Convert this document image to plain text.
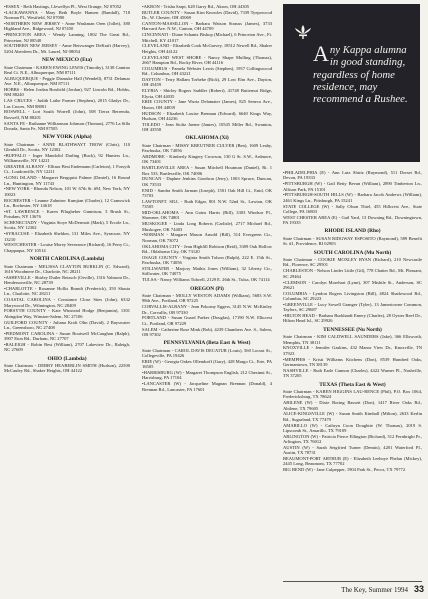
•ESSEX - Beth Hastings, Llewellyn Pl., West Orange, NJ 07052

•LACKAWANNA - Mary Beth Boyle Hansen (Randall), 718 Norman Pl., Westfield, NJ 07090

•NORTHERN NEW JERSEY - Anne Waskman Oren (Jollet), 380 Highland Ave., Ridgewood, NJ 07450

•PRINCETON AREA - Wendy Lanning, 1002 The Great Rd., Princeton, NJ 08540

SOUTHERN NEW JERSEY - Anne Beiswanger DeKraft (Harvey), 5204 Aberdeen Dr., Mt. Laurel, NJ 08054

NEW MEXICO (Eta)

State Chairman - KAREN EWING LEWIS (Timothy), 3138 Camino Real Ct. N.E., Albuquerque, NM 87111

ALBUQUERQUE - Peggie Dismuke Hall (Wendell), 8731 Delamar Ave. N.E., Albuquerque, NM 87111

HOBBS - Helen Jordan Bonfield (Jordan), 927 Lincoln Rd., Hobbs, NM 88240

LAS CRUCES - Judith Lathe Farmer (Stephen), 2015 Gladys Dr., Las Cruces, NM 88001

ROSWELL - Lori South Worrell (John), 508 Tierra Berrenda, Roswell, NM 88201

SANTA FE - Ruthanne Williamson Johnson (Thomas), 2776 La Silla Dorada, Santa Fe, NM 87505

NEW YORK (Alpha)

State Chairman - ANNE BLATHWAYT TROW (Chris), 110 Glenhill Dr., Scotia, NY 12302

•BUFFALO - Inger Mandolid Darling (Buck), 92 Hunters Ln., Williamsville, NY 14221

GREATER ALBANY - Ellinor Best Endemann (Carleton), 1 Forsyth Ct., Loudonville, NY 12211

•LONG ISLAND - Margaret Bergquist Palmer (Daniel), 16 Round Ln., Huntington, NY 11743

•NEW YORK - Rhonda Nelson, 101 W. 67th St. #9J, New York, NY 10023

ROCHESTER - Leanne Zahniser Kumjian (Charles), 12 Cranswick Ln., Rochester, NY 14618

•ST. LAWRENCE - Karen Pflugheber Gunnison, 3 Brush St., Potsdam, NY 13676

SCHENECTADY - Virginia Stoye McDermott (Mark), 5 Ercole Ln., Scotia, NY 12302

•SYRACUSE - Elizabeth Sheldon, 131 Miles Ave., Syracuse, NY 13210

WESTCHESTER - Louise Morey Severance (Richard), 16 Perry Ct., Chappaqua, NY 10514

NORTH CAROLINA (Lambda)

State Chairman - MELISSA CLAYTON BURKLIN (C. Edward), 1616 Woodmere Dr., Charlotte, NC 28211

•ASHEVILLE - Shirley Dutler Retzsch (Orville), 1316 Valmont Dr., Hendersonville, NC 28739

•CHARLOTTE - Roxanne Hollis Brandt (Frederick), 350 Shasta Ln., Charlotte, NC 28211

COASTAL CAROLINA - Constance Close Sites (John), 6332 Marywood Dr., Wilmington, NC 28409

FORSYTH COUNTY - Kate Winstead Hodge (Benjamin), 1301 Abingdon Way, Winston-Salem, NC 27106

GUILFORD COUNTY - Juliana Kraft Olin (David), 2 Bayswater Ln., Greensboro, NC 27408

•PIEDMONT CAROLINA - Susan Boutwell McCaughan (Ralph), 3907 Eton Rd., Durham, NC 27707

•RALEIGH - Robin Best (William), 2707 Lakeview Dr., Raleigh, NC 27609

OHIO (Lambda)

State Chairman - DEBBY HEABERLIN SMITH (Hudson), 22500 McCauley Rd., Shaker Heights, OH 44122

•AKRON - Trisha Sarpi, 628 Garry Rd., Akron, OH 44305

BUTLER COUNTY - Susan Kirn Knowles (David), 7339 Tyepowood Dr., W. Chester, OH 45069

CANTON-MASSILLON - Barbara Watson Strauss (James), 3733 Harvard Ave. N.W., Canton, OH 44709

CINCINNATI - Diane Schantz Bishop (Michael), 6 Princeton Ave., Ft. Mitchell, KY 41017

CLEVELAND - Elizabeth Cook McGarvey, 18512 Newell Rd., Shaker Heights, OH 44122

CLEVELAND WEST SHORE - Nancy Shape Mulling (Thomas), 2667 Hampton Rd., Rocky River, OH 44116

COLUMBUS - Pamela Webster Lewis (Stephen), 1957 Collingswood Rd., Columbus, OH 43221

DAYTON - Terry Hallam Torbeke (Rick), 29 Low Elm Ave., Dayton, OH 45459

ELYRIA - Shirley Rogers Saddler (Robert), 41748 Butternut Ridge, Elyria, OH 44035

ERIE COUNTY - Jane Wurtz Delamater (James), 825 Seneca Ave., Huron, OH 44839

HUDSON - Elizabeth Louise Brennan (Edward), 6640 Kings Way, Hudson, OH 44236

TOLEDO - Jean Stoltz Jaeme (James), 10545 Miller Rd., Swanton, OH 43558

OKLAHOMA (Xi)

State Chairman - MISSY KREUTNER CULVER (Ben), 1609 Leahy, Pawhuska, OK 74056

ARDMORE - Kimberly Kingery Crowson, 130 G St. S.W., Ardmore, OK 73401

BARTLESVILLE AREA - Susan Mitchell Houtman (Daniel), Rt. 1 Box 533, Bartlesville, OK 74006

DUNCAN - Daphne Jenkins Goodson (Jerry), 1003 Spruce, Duncan, OK 73533

ENID - Sandra Smith Jarman (Joseph), 1501 Oak Hill Ct., Enid, OK 73703

LAWTONFT. SILL - Ruth Edgar, 801 N.W. 52nd St., Lawton, OK 73505

MID-OKLAHOMA - Ann Goins Harris (Bill), 3303 Windsor Pl., Shawnee, OK 74801

MUSKOGEE - Linda Long Roberts (Carlisle), 2717 Michael Rd., Muskogee, OK 74403

•NORMAN - Margaret Mason Arnold (Bill), 514 Evergreen Cir., Norman, OK 73072

OKLAHOMA CITY - Jean Highfill Robison (Reid), 3309 Oak Hollow Rd., Oklahoma City, OK 73120

OSAGE COUNTY - Virginia Smith Tolson (Ralph), 222 E. 15th St., Pawhuska, OK 74056

STILLWATER - Marjory Mathis Jones (William), 32 Liberty Cir., Stillwater, OK 74075

TULSA - Nancy Williams Tidwell, 2129 E. 26th St., Tulsa, OK 74114

OREGON (Pi)

State Chairman - MOLLY WESTON ADAMS (William), 5683 S.W. 98th Ave., Portland, OR 97225

CORVALLIS-ALBANY - Jean Pokorny Eggers, 3145 N.W. McKinley Dr., Corvallis, OR 97330

PORTLAND - Susan Guard Parker (Douglas), 17190 N.W. Elkcrest Ct., Portland, OR 97229

SALEM - Catherine Rose Mink (Bob), 4239 Chambers Ave. S., Salem, OR 97302

PENNSYLVANIA (Beta East & West)

State Chairman - CAROL DAVIS DECATUR (Louis), 560 Locust St., Collegeville, PA 19426

ERIE (W) - Georgia Oakes Ollendorff (Gary), 428 Margo Ct., Erie, PA 16505

•HARRISBURG (W) - Margaret Thompson English, 212 Chestnut St., Harrisburg, PA 17104

•LANCASTER (W) - Jacqueline Magnan Brennan (Donald), 4 Brennan Rd., Lancaster, PA 17601

Any Kappa alumna in good standing, regardless of home residence, may recommend a Rushee.

•PHILADELPHIA (E) - Ann Lutz Shirtz (Raymond), 511 Dorset Rd., Devon, PA 19333

•PITTSBURGH (W) - Gail Betty Bevan (William), 2890 Timberton Ln., Allison Park, PA 15101

•PITTSBURGH-SOUTH HILLS (W) - Barbara Jacob Andrews (William), 2461 Kings Ln., Pittsburgh, PA 15241

STATE COLLEGE (W) - Sally Olson Thiel, 455 Hillcrest Ave., State College, PA 16803

WEST CHESTER AREA (E) - Gail Yard, 13 Downing Rd., Downingtown, PA 19335

RHODE ISLAND (Rho)

State Chairman - SUSAN RIDGWAY ESPOSITO (Raymond), 589 Benefit St. #1, Providence, RI 02903

SOUTH CAROLINA (Mu North)

State Chairman - COOKIE MOXLEY RYAN (Richard), 210 Newcastle Rd., Florence, SC 29501

CHARLESTON - Nelson Linder Little (Gil), 778 Chatter Rd., Mt. Pleasant, SC 29464

•CLEMSON - Carolyn Morehart (Lynn), 307 Mishtle St., Anderson, SC 29621

COLUMBIA - Lyndon Rogers Livingston (Bill), 4824 Shadowood Rd., Columbia, SC 29223

•GREENVILLE - Lucy Sowell Granger (Tyler), 13 Jamestowne Common, Taylors, SC 29687

•HILTON HEAD - Barbara Burkhardt Emery (Charles), 28 Oyster Reef Dr., Hilton Head Isl., SC 29926

TENNESSEE (Nu North)

State Chairman - KIM CALDWELL SAUNDERS (Jake), 366 Ellsworth, Memphis, TN 38111

KNOXVILLE - Jennifer Gaskins, 432 Manor View Dr., Knoxville, TN 37923

•MEMPHIS - Kristi Williams Kitchens (Don), 8539 Hundred Oaks, Germantown, TN 38139

NASHVILLE - Ruth Earle Cannon (Charles), 4422 Warner Pl., Nashville, TN 37205

TEXAS (Theta East & West)

State Chairman - KAREN HIGGINS LAU-RENCE (Phil), P.O. Box 1064, Fredericksburg, TX 78624

ABILENE (W) - Dixie Boring Bassett (Don), 1417 River Oaks Rd., Abilene, TX 79605

ALICE-KINGSVILLE (W) - Susan Smith Kimball (Milton), 2633 Kerlin Rd., Sugarland, TX 77479

AMARILLO (W) - Cathryn Coon Doughtie (W. Thomas), 2019 S. Lipscomb St., Amarillo, TX 79109

ARLINGTON (W) - Patricia Pierce Ellington (Richard), 512 Fernbright Pr., Arlington, TX 76012

AUSTIN (W) - Sarah Seigfried Turner (Dennis), 4201 Waterford Pl., Austin, TX 78731

BEAUMONT-PORT ARTHUR (E) - Elizabeth Leeboye Phelan (Mickey), 2445 Long, Beaumont, TX 77702

BIG BEND (W) - Jane Culpepper, 1904 Park St., Pecos, TX 79772

The Key, Summer 1994 33
